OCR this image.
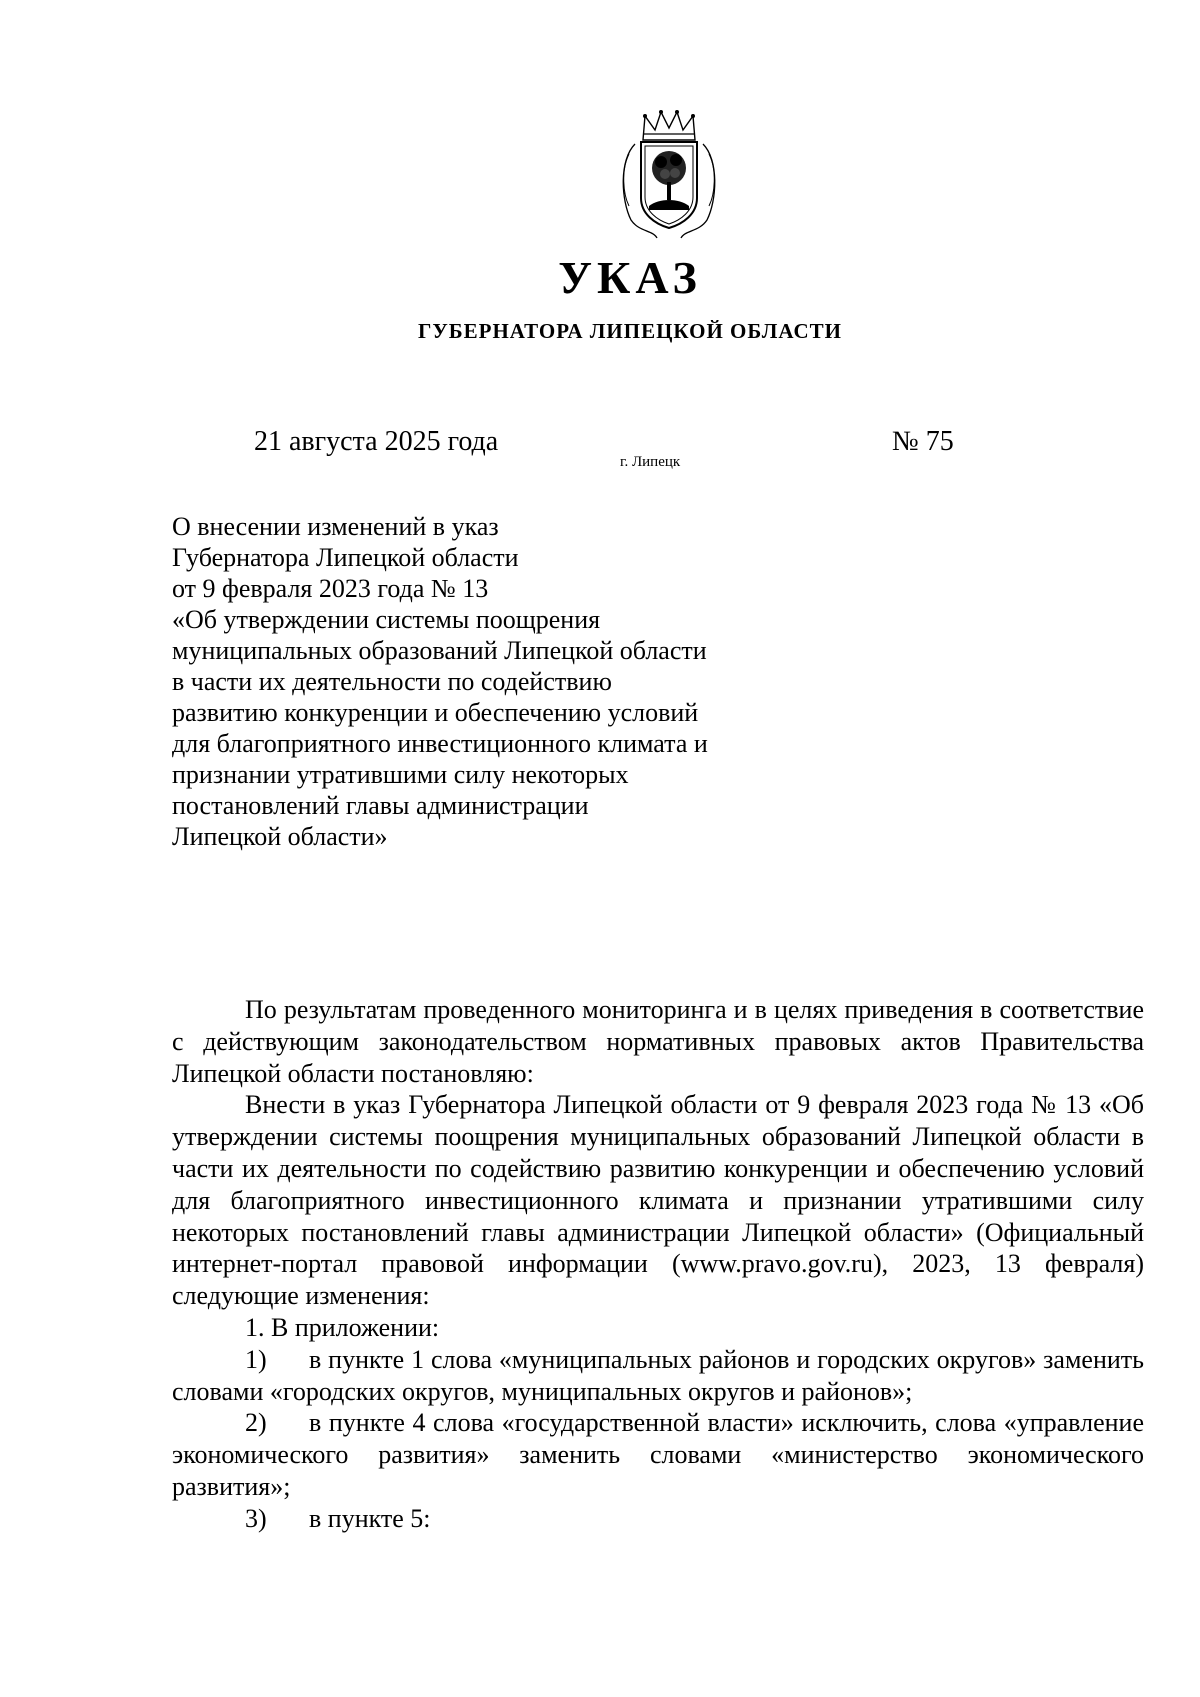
УКАЗ
ГУБЕРНАТОРА ЛИПЕЦКОЙ ОБЛАСТИ
21 августа 2025 года
г. Липецк
№ 75
О внесении изменений в указ
Губернатора Липецкой области
от 9 февраля 2023 года № 13
«Об утверждении системы поощрения
муниципальных образований Липецкой области
в части их деятельности по содействию
развитию конкуренции и обеспечению условий
для благоприятного инвестиционного климата и
признании утратившими силу некоторых
постановлений главы администрации
Липецкой области»

По результатам проведенного мониторинга и в целях приведения в соответствие с действующим законодательством нормативных правовых актов Правительства Липецкой области постановляю:

Внести в указ Губернатора Липецкой области от 9 февраля 2023 года № 13 «Об утверждении системы поощрения муниципальных образований Липецкой области в части их деятельности по содействию развитию конкуренции и обеспечению условий для благоприятного инвестиционного климата и признании утратившими силу некоторых постановлений главы администрации Липецкой области» (Официальный интернет-портал правовой информации (www.pravo.gov.ru), 2023, 13 февраля) следующие изменения:

1. В приложении:

1) в пункте 1 слова «муниципальных районов и городских округов» заменить словами «городских округов, муниципальных округов и районов»;

2) в пункте 4 слова «государственной власти» исключить, слова «управление экономического развития» заменить словами «министерство экономического развития»;

3) в пункте 5:
